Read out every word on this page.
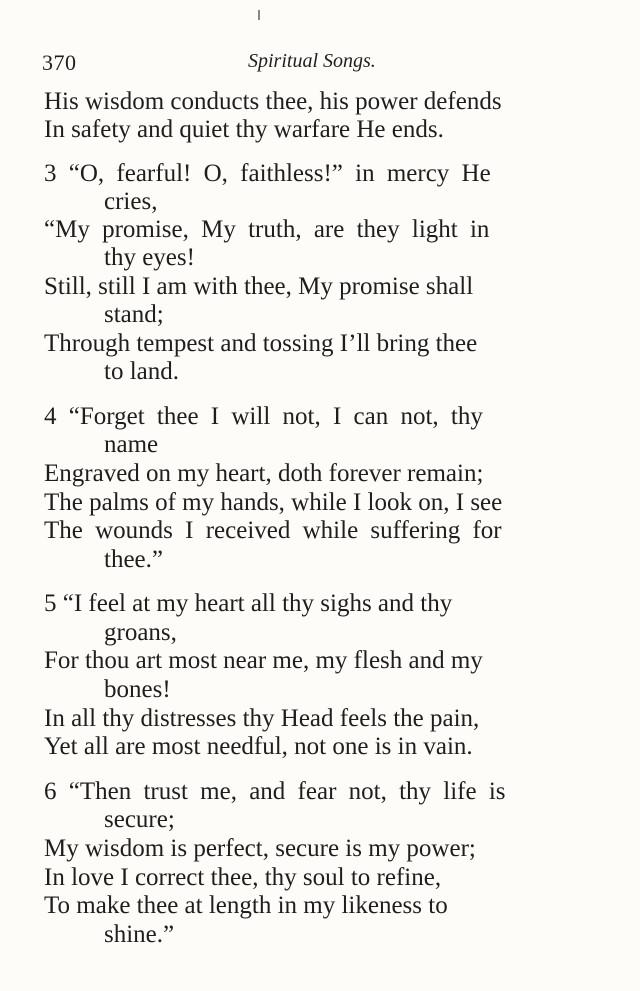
370	Spiritual Songs.
His wisdom conducts thee, his power defends
In safety and quiet thy warfare He ends.
3 “O, fearful! O, faithless!” in mercy He
cries,
“My promise, My truth, are they light in
thy eyes!
Still, still I am with thee, My promise shall
stand;
Through tempest and tossing I’ll bring thee
to land.
4 “Forget thee I will not, I can not, thy
name
Engraved on my heart, doth forever remain;
The palms of my hands, while I look on, I see
The wounds I received while suffering for
thee.”
5 “I feel at my heart all thy sighs and thy
groans,
For thou art most near me, my flesh and my
bones!
In all thy distresses thy Head feels the pain,
Yet all are most needful, not one is in vain.
6 “Then trust me, and fear not, thy life is
secure;
My wisdom is perfect, secure is my power;
In love I correct thee, thy soul to refine,
To make thee at length in my likeness to
shine.”
